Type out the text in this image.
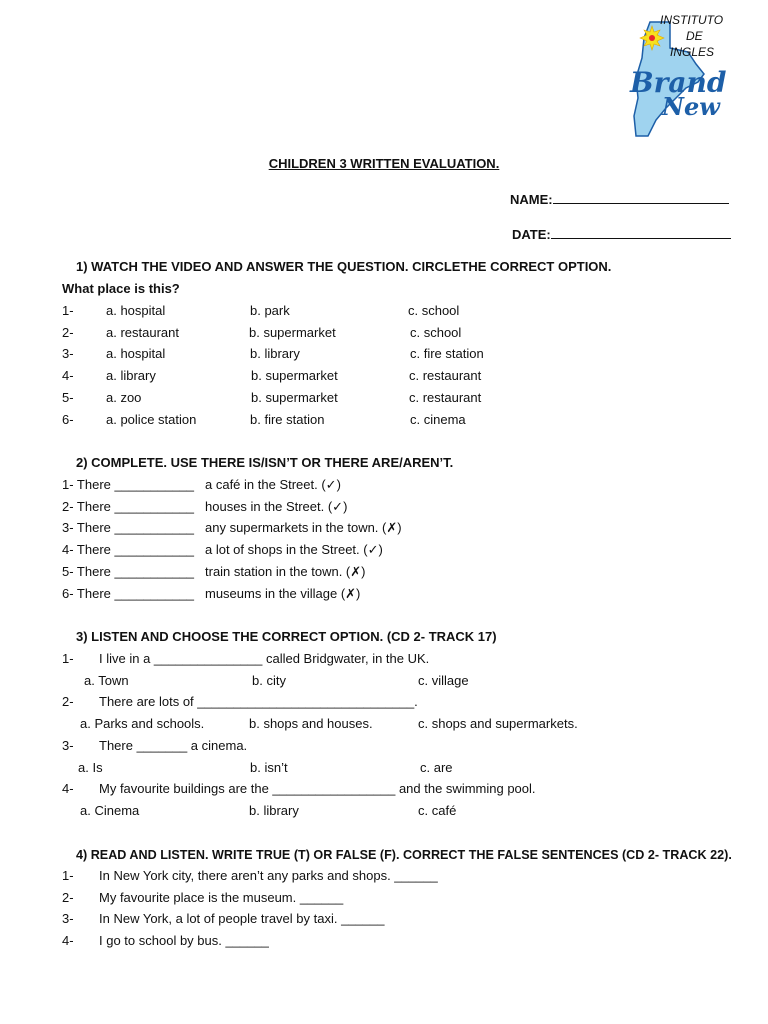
INSTITUTO
DE
INGLES
Brand
New
CHILDREN 3 WRITTEN EVALUATION.
NAME:
DATE:
1) WATCH THE VIDEO AND ANSWER THE QUESTION. CIRCLETHE CORRECT OPTION.
What place is this?
1- a. hospital	b. park	c. school
2- a. restaurant	b. supermarket	c. school
3- a. hospital	b. library	c. fire station
4- a. library	b. supermarket	c. restaurant
5- a. zoo	b. supermarket	c. restaurant
6- a. police station	b. fire station	c. cinema
2) COMPLETE. USE THERE IS/ISN’T OR THERE ARE/AREN’T.
1- There ___________ a café in the Street. (✓)
2- There ___________ houses in the Street. (✓)
3- There ___________ any supermarkets in the town. (✗)
4- There ___________ a lot of shops in the Street. (✓)
5- There ___________ train station in the town. (✗)
6- There ___________ museums in the village (✗)
3) LISTEN AND CHOOSE THE CORRECT OPTION. (CD 2- TRACK 17)
1- I live in a _______________ called Bridgwater, in the UK.
a. Town	b. city	c. village
2- There are lots of ______________________________.
a. Parks and schools.	b. shops and houses.	c. shops and supermarkets.
3- There _______ a cinema.
a. Is	b. isn’t	c. are
4- My favourite buildings are the _________________ and the swimming pool.
a. Cinema	b. library	c. café
4) READ AND LISTEN. WRITE TRUE (T) OR FALSE (F). CORRECT THE FALSE SENTENCES (CD 2- TRACK 22).
1- In New York city, there aren’t any parks and shops. ______
2- My favourite place is the museum. ______
3- In New York, a lot of people travel by taxi. ______
4- I go to school by bus. ______
